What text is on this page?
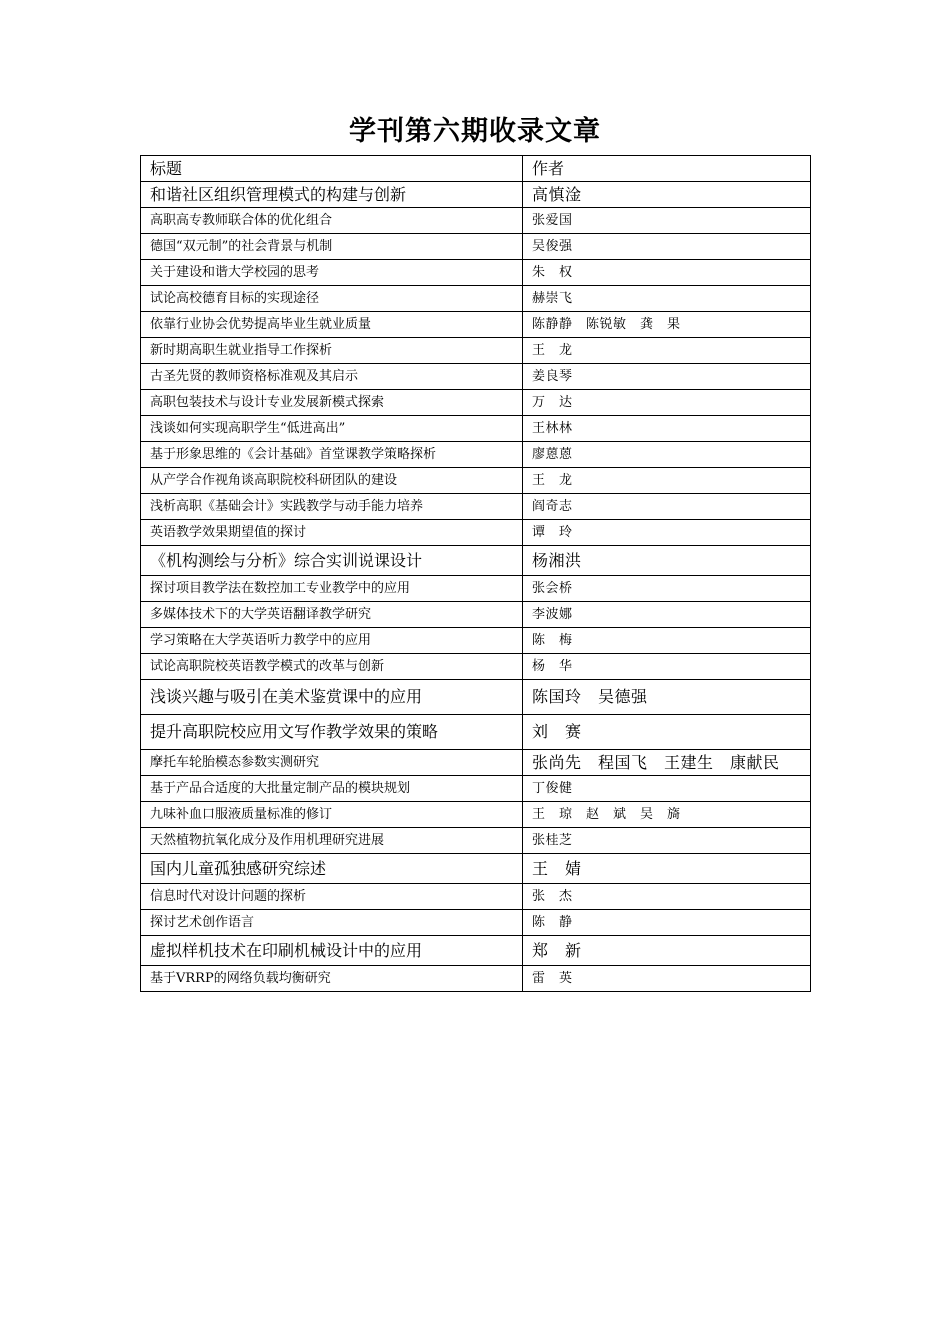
学刊第六期收录文章
标题	作者
和谐社区组织管理模式的构建与创新	高慎淦
高职高专教师联合体的优化组合	张爱国
德国“双元制”的社会背景与机制	吴俊强
关于建设和谐大学校园的思考	朱　权
试论高校德育目标的实现途径	赫崇飞
依靠行业协会优势提高毕业生就业质量	陈静静　陈锐敏　龚　果
新时期高职生就业指导工作探析	王　龙
古圣先贤的教师资格标准观及其启示	姜良琴
高职包装技术与设计专业发展新模式探索	万　达
浅谈如何实现高职学生“低进高出”	王林林
基于形象思维的《会计基础》首堂课教学策略探析	廖蒽蒽
从产学合作视角谈高职院校科研团队的建设	王　龙
浅析高职《基础会计》实践教学与动手能力培养	阎奇志
英语教学效果期望值的探讨	谭　玲
《机构测绘与分析》综合实训说课设计	杨湘洪
探讨项目教学法在数控加工专业教学中的应用	张会桥
多媒体技术下的大学英语翻译教学研究	李波娜
学习策略在大学英语听力教学中的应用	陈　梅
试论高职院校英语教学模式的改革与创新	杨　华
浅谈兴趣与吸引在美术鉴赏课中的应用	陈国玲　吴德强
提升高职院校应用文写作教学效果的策略	刘　赛
摩托车轮胎模态参数实测研究	张尚先　程国飞　王建生　康献民
基于产品合适度的大批量定制产品的模块规划	丁俊健
九味补血口服液质量标准的修订	王　琼　赵　斌　吴　旖
天然植物抗氧化成分及作用机理研究进展	张桂芝
国内儿童孤独感研究综述	王　婧
信息时代对设计问题的探析	张　杰
探讨艺术创作语言	陈　静
虚拟样机技术在印刷机械设计中的应用	郑　新
基于VRRP的网络负载均衡研究	雷　英
